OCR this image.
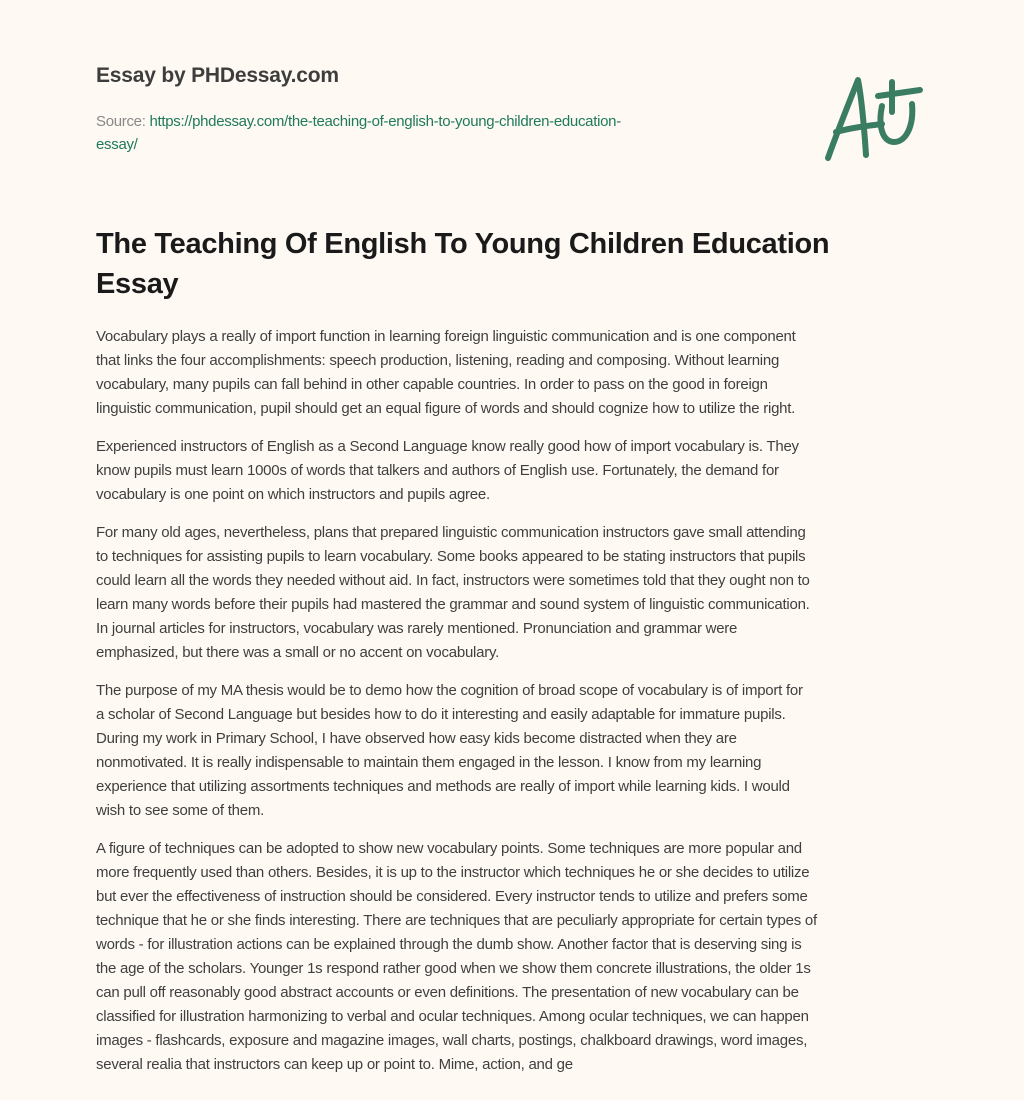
Essay by PHDessay.com
Source: https://phdessay.com/the-teaching-of-english-to-young-children-education-
essay/
The Teaching Of English To Young Children Education
Essay

Vocabulary plays a really of import function in learning foreign linguistic communication and is one component
that links the four accomplishments: speech production, listening, reading and composing. Without learning
vocabulary, many pupils can fall behind in other capable countries. In order to pass on the good in foreign
linguistic communication, pupil should get an equal figure of words and should cognize how to utilize the right.

Experienced instructors of English as a Second Language know really good how of import vocabulary is. They
know pupils must learn 1000s of words that talkers and authors of English use. Fortunately, the demand for
vocabulary is one point on which instructors and pupils agree.

For many old ages, nevertheless, plans that prepared linguistic communication instructors gave small attending
to techniques for assisting pupils to learn vocabulary. Some books appeared to be stating instructors that pupils
could learn all the words they needed without aid. In fact, instructors were sometimes told that they ought non to
learn many words before their pupils had mastered the grammar and sound system of linguistic communication.
In journal articles for instructors, vocabulary was rarely mentioned. Pronunciation and grammar were
emphasized, but there was a small or no accent on vocabulary.

The purpose of my MA thesis would be to demo how the cognition of broad scope of vocabulary is of import for
a scholar of Second Language but besides how to do it interesting and easily adaptable for immature pupils.
During my work in Primary School, I have observed how easy kids become distracted when they are
nonmotivated. It is really indispensable to maintain them engaged in the lesson. I know from my learning
experience that utilizing assortments techniques and methods are really of import while learning kids. I would
wish to see some of them.

A figure of techniques can be adopted to show new vocabulary points. Some techniques are more popular and
more frequently used than others. Besides, it is up to the instructor which techniques he or she decides to utilize
but ever the effectiveness of instruction should be considered. Every instructor tends to utilize and prefers some
technique that he or she finds interesting. There are techniques that are peculiarly appropriate for certain types of
words - for illustration actions can be explained through the dumb show. Another factor that is deserving sing is
the age of the scholars. Younger 1s respond rather good when we show them concrete illustrations, the older 1s
can pull off reasonably good abstract accounts or even definitions. The presentation of new vocabulary can be
classified for illustration harmonizing to verbal and ocular techniques. Among ocular techniques, we can happen
images - flashcards, exposure and magazine images, wall charts, postings, chalkboard drawings, word images,
several realia that instructors can keep up or point to. Mime, action, and ge
